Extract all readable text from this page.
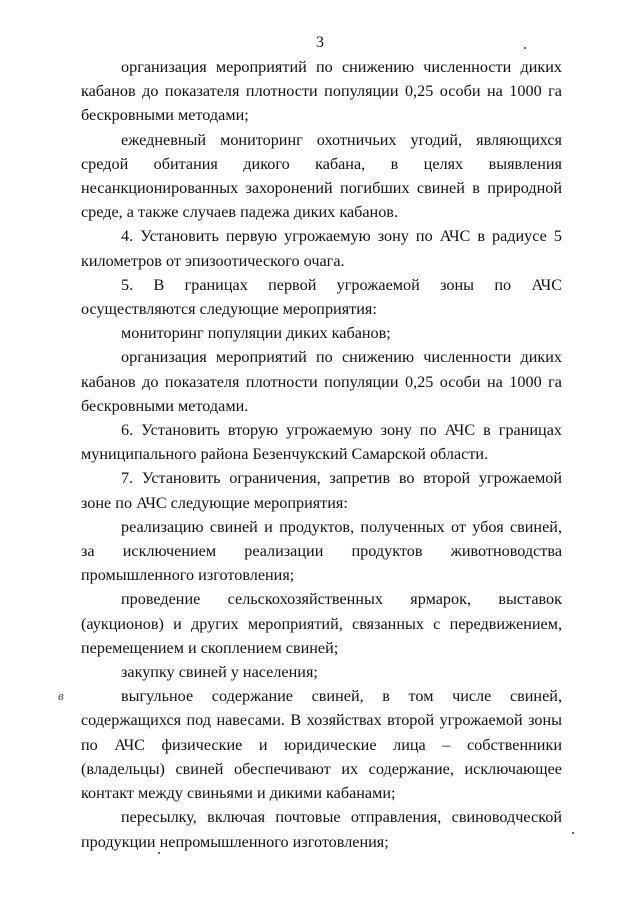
3

организация мероприятий по снижению численности диких кабанов до показателя плотности популяции 0,25 особи на 1000 га бескровными методами;

ежедневный мониторинг охотничьих угодий, являющихся средой обитания дикого кабана, в целях выявления несанкционированных захоронений погибших свиней в природной среде, а также случаев падежа диких кабанов.

4. Установить первую угрожаемую зону по АЧС в радиусе 5 километров от эпизоотического очага.

5. В границах первой угрожаемой зоны по АЧС осуществляются следующие мероприятия:

мониторинг популяции диких кабанов;

организация мероприятий по снижению численности диких кабанов до показателя плотности популяции 0,25 особи на 1000 га бескровными методами.

6. Установить вторую угрожаемую зону по АЧС в границах муниципального района Безенчукский Самарской области.

7. Установить ограничения, запретив во второй угрожаемой зоне по АЧС следующие мероприятия:

реализацию свиней и продуктов, полученных от убоя свиней, за исключением реализации продуктов животноводства промышленного изготовления;

проведение сельскохозяйственных ярмарок, выставок (аукционов) и других мероприятий, связанных с передвижением, перемещением и скоплением свиней;

закупку свиней у населения;

выгульное содержание свиней, в том числе свиней, содержащихся под навесами. В хозяйствах второй угрожаемой зоны по АЧС физические и юридические лица – собственники (владельцы) свиней обеспечивают их содержание, исключающее контакт между свиньями и дикими кабанами;

пересылку, включая почтовые отправления, свиноводческой продукции непромышленного изготовления;

в
